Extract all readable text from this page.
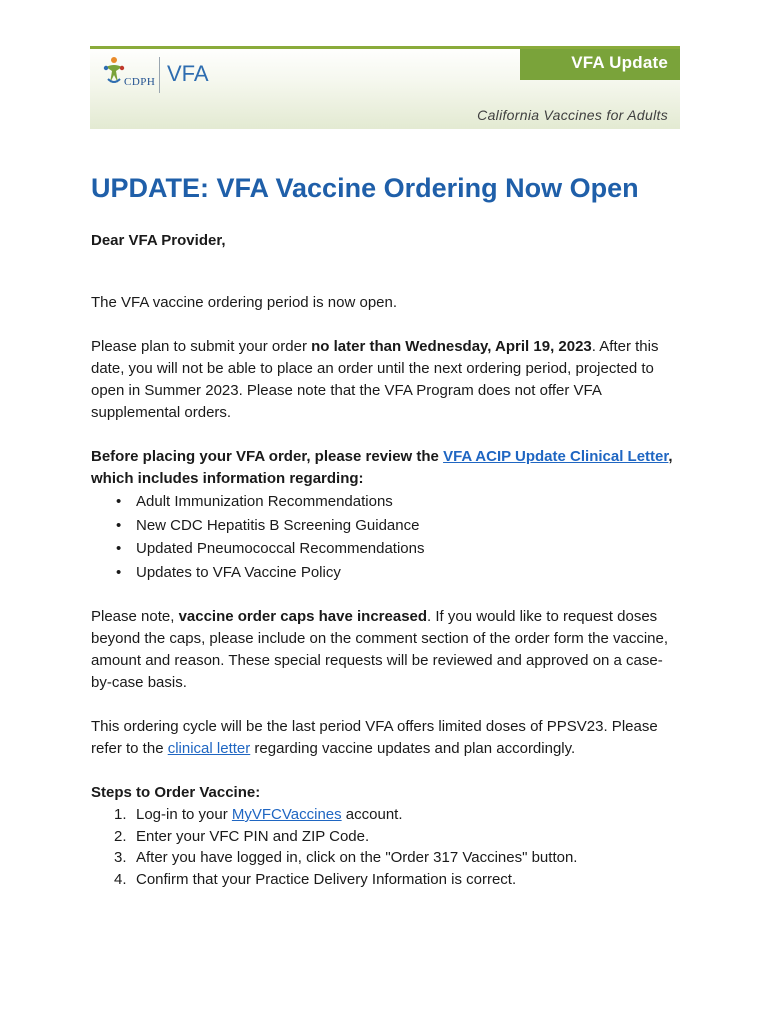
CDPH VFA	VFA Update
California Vaccines for Adults
UPDATE: VFA Vaccine Ordering Now Open

Dear VFA Provider,

The VFA vaccine ordering period is now open.

Please plan to submit your order no later than Wednesday, April 19, 2023. After this date, you will not be able to place an order until the next ordering period, projected to open in Summer 2023. Please note that the VFA Program does not offer VFA supplemental orders.

Before placing your VFA order, please review the VFA ACIP Update Clinical Letter, which includes information regarding:

• Adult Immunization Recommendations
• New CDC Hepatitis B Screening Guidance
• Updated Pneumococcal Recommendations
• Updates to VFA Vaccine Policy

Please note, vaccine order caps have increased. If you would like to request doses beyond the caps, please include on the comment section of the order form the vaccine, amount and reason. These special requests will be reviewed and approved on a case-by-case basis.

This ordering cycle will be the last period VFA offers limited doses of PPSV23. Please refer to the clinical letter regarding vaccine updates and plan accordingly.

Steps to Order Vaccine:

1. Log-in to your MyVFCVaccines account.
2. Enter your VFC PIN and ZIP Code.
3. After you have logged in, click on the "Order 317 Vaccines" button.
4. Confirm that your Practice Delivery Information is correct.
